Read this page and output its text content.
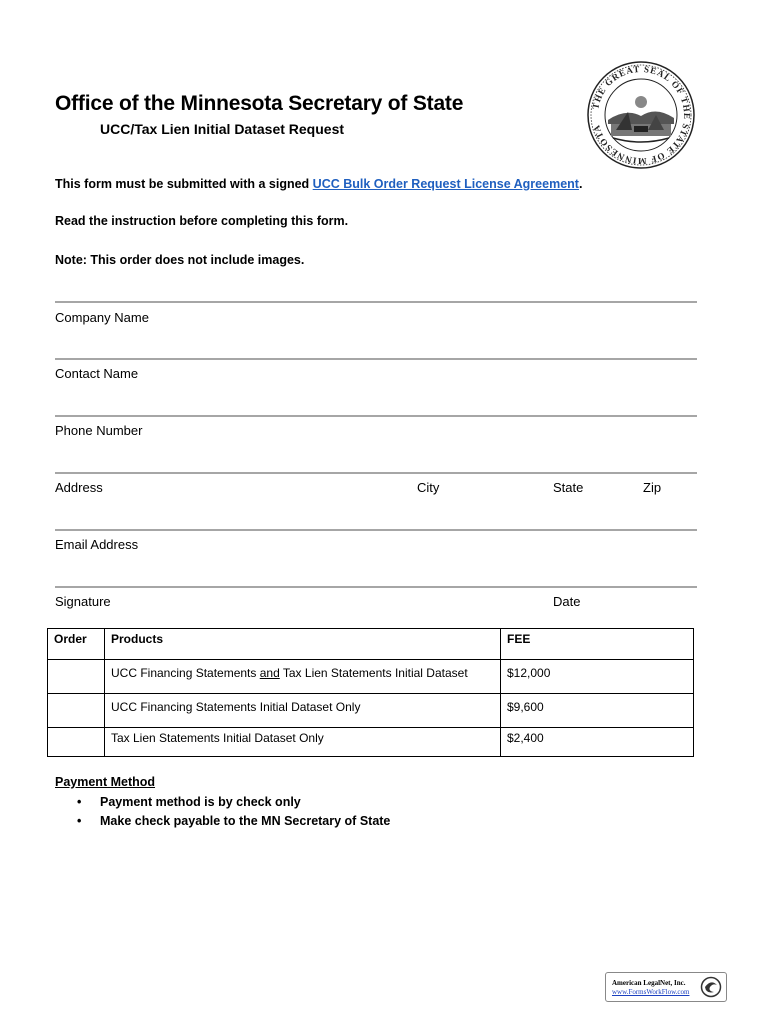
THE GREAT SEAL OF THE STATE OF MINNESOTA
Office of the Minnesota Secretary of State
UCC/Tax Lien Initial Dataset Request
This form must be submitted with a signed UCC Bulk Order Request License Agreement.
Read the instruction before completing this form.
Note: This order does not include images.
Company Name
Contact Name
Phone Number
Address	City	State	Zip
Email Address
Signature	Date
Order	Products	FEE
	UCC Financing Statements and Tax Lien Statements Initial Dataset	$12,000
	UCC Financing Statements Initial Dataset Only	$9,600
	Tax Lien Statements Initial Dataset Only	$2,400
Payment Method
• Payment method is by check only
• Make check payable to the MN Secretary of State
American LegalNet, Inc.
www.FormsWorkFlow.com
